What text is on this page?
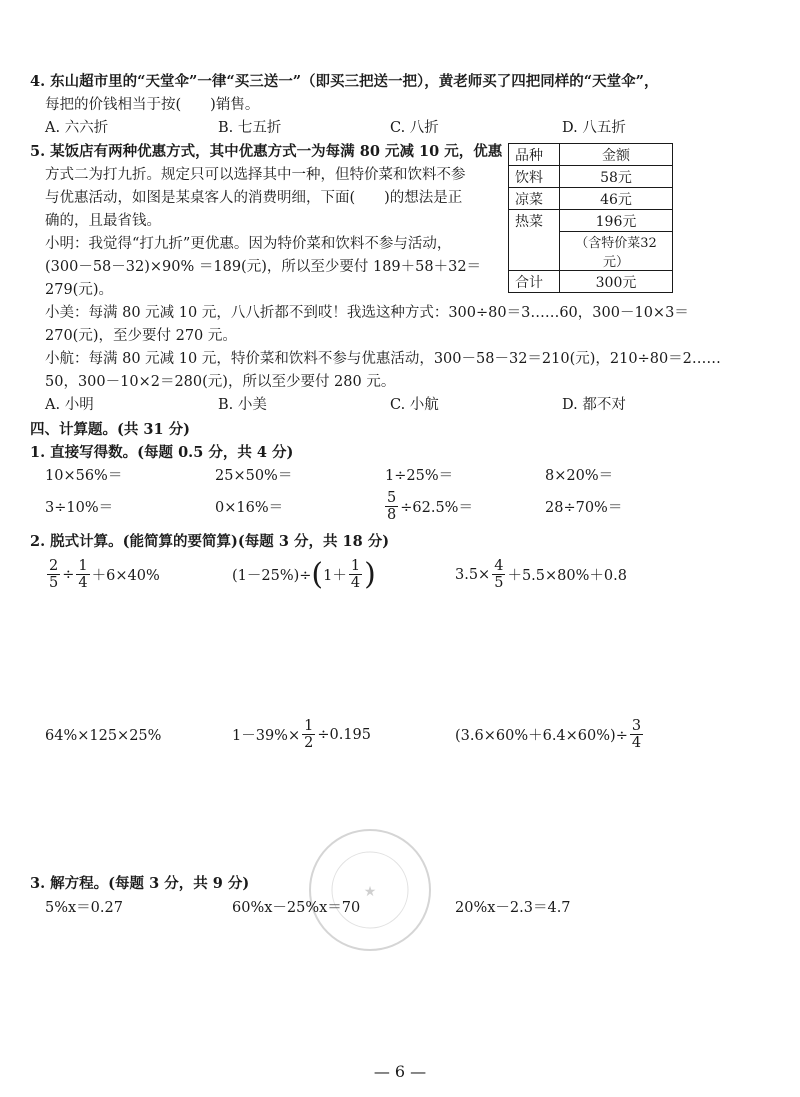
4. 东山超市里的“天堂伞”一律“买三送一”（即买三把送一把），黄老师买了四把同样的“天堂伞”，
每把的价钱相当于按(　　)销售。
A. 六六折	B. 七五折	C. 八折	D. 八五折
5. 某饭店有两种优惠方式，其中优惠方式一为每满 80 元减 10 元，优惠
方式二为打九折。规定只可以选择其中一种，但特价菜和饮料不参
与优惠活动，如图是某桌客人的消费明细，下面(　　)的想法是正
确的，且最省钱。
小明：我觉得“打九折”更优惠。因为特价菜和饮料不参与活动，
(300－58－32)×90% ＝189(元)，所以至少要付 189＋58＋32＝
279(元)。
小美：每满 80 元减 10 元，八八折都不到哎！我选这种方式：300÷80＝3……60，300－10×3＝
270(元)，至少要付 270 元。
小航：每满 80 元减 10 元，特价菜和饮料不参与优惠活动，300－58－32＝210(元)，210÷80＝2……
50，300－10×2＝280(元)，所以至少要付 280 元。
A. 小明	B. 小美	C. 小航	D. 都不对
品种	金额
饮料	58元
凉菜	46元
热菜	196元
	（含特价菜32元）
合计	300元
四、计算题。(共 31 分)
1. 直接写得数。(每题 0.5 分，共 4 分)
10×56%＝	25×50%＝	1÷25%＝	8×20%＝
3÷10%＝	0×16%＝	$\frac{5}{8} \div 62.5\%=$	28÷70%＝
2. 脱式计算。(能简算的要简算)(每题 3 分，共 18 分)
$\frac{2}{5} \div \frac{1}{4} +6\times 40\%$	(1－25%)÷ ( $1+ \frac{1}{4}$ )	$3.5\times \frac{4}{5} +5.5\times 80\%+0.8$
64%×125×25%	$1-39\%\times \frac{1}{2} \div 0.195$	$(3.6\times 60\%+6.4\times 60\%)\div \frac{3}{4}$
★
3. 解方程。(每题 3 分，共 9 分)
5%x＝0.27	60%x－25%x＝70	20%x－2.3＝4.7
— 6 —
